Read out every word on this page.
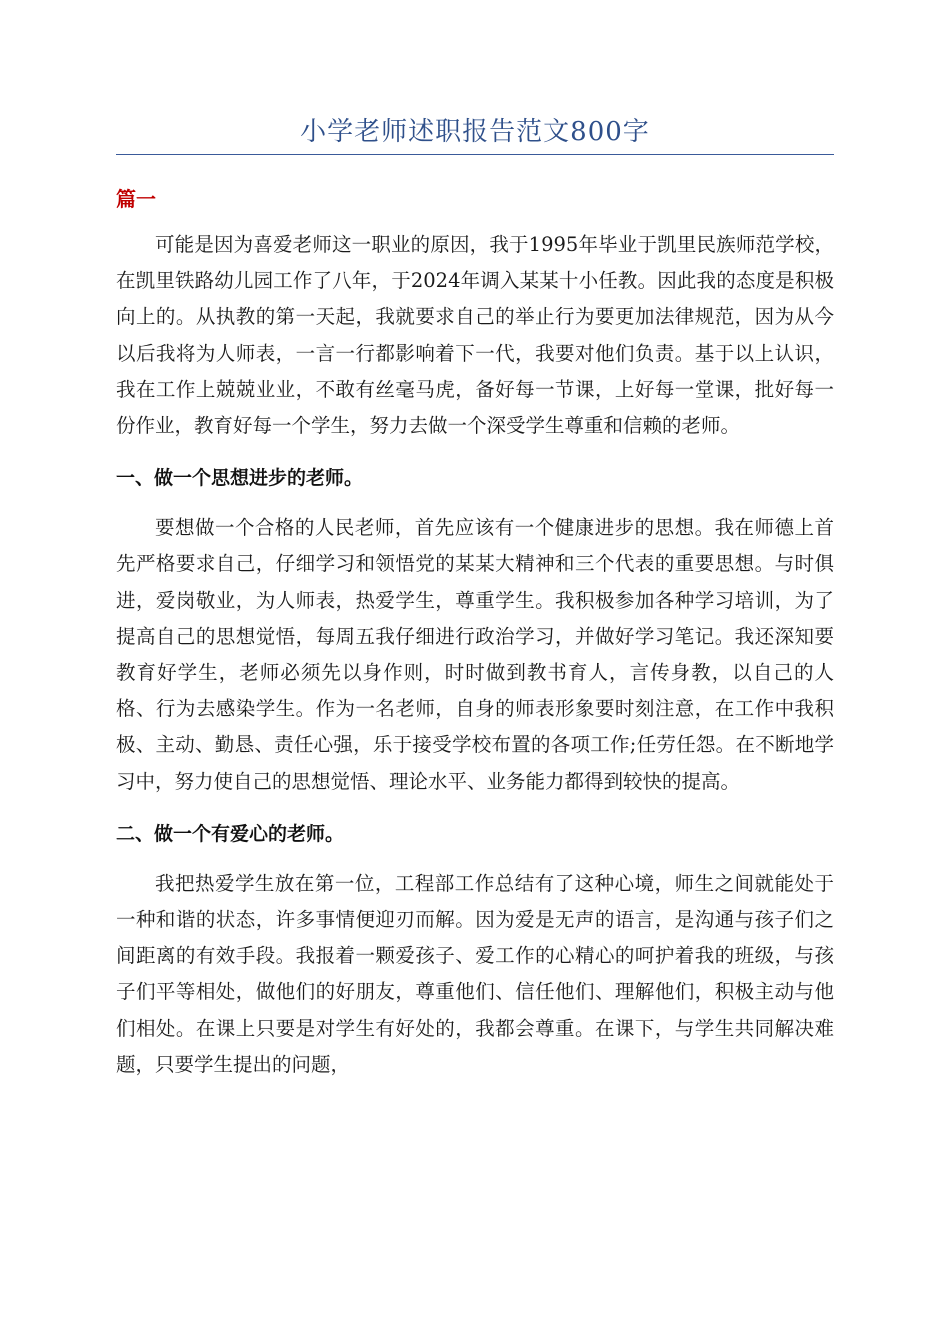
小学老师述职报告范文800字
篇一

可能是因为喜爱老师这一职业的原因，我于1995年毕业于凯里民族师范学校，在凯里铁路幼儿园工作了八年，于2024年调入某某十小任教。因此我的态度是积极向上的。从执教的第一天起，我就要求自己的举止行为要更加法律规范，因为从今以后我将为人师表，一言一行都影响着下一代，我要对他们负责。基于以上认识，我在工作上兢兢业业，不敢有丝毫马虎，备好每一节课，上好每一堂课，批好每一份作业，教育好每一个学生，努力去做一个深受学生尊重和信赖的老师。

一、做一个思想进步的老师。

要想做一个合格的人民老师，首先应该有一个健康进步的思想。我在师德上首先严格要求自己，仔细学习和领悟党的某某大精神和三个代表的重要思想。与时俱进，爱岗敬业，为人师表，热爱学生，尊重学生。我积极参加各种学习培训，为了提高自己的思想觉悟，每周五我仔细进行政治学习，并做好学习笔记。我还深知要教育好学生，老师必须先以身作则，时时做到教书育人，言传身教，以自己的人格、行为去感染学生。作为一名老师，自身的师表形象要时刻注意，在工作中我积极、主动、勤恳、责任心强，乐于接受学校布置的各项工作;任劳任怨。在不断地学习中，努力使自己的思想觉悟、理论水平、业务能力都得到较快的提高。

二、做一个有爱心的老师。

我把热爱学生放在第一位，工程部工作总结有了这种心境，师生之间就能处于一种和谐的状态，许多事情便迎刃而解。因为爱是无声的语言，是沟通与孩子们之间距离的有效手段。我报着一颗爱孩子、爱工作的心精心的呵护着我的班级，与孩子们平等相处，做他们的好朋友，尊重他们、信任他们、理解他们，积极主动与他们相处。在课上只要是对学生有好处的，我都会尊重。在课下，与学生共同解决难题，只要学生提出的问题，
